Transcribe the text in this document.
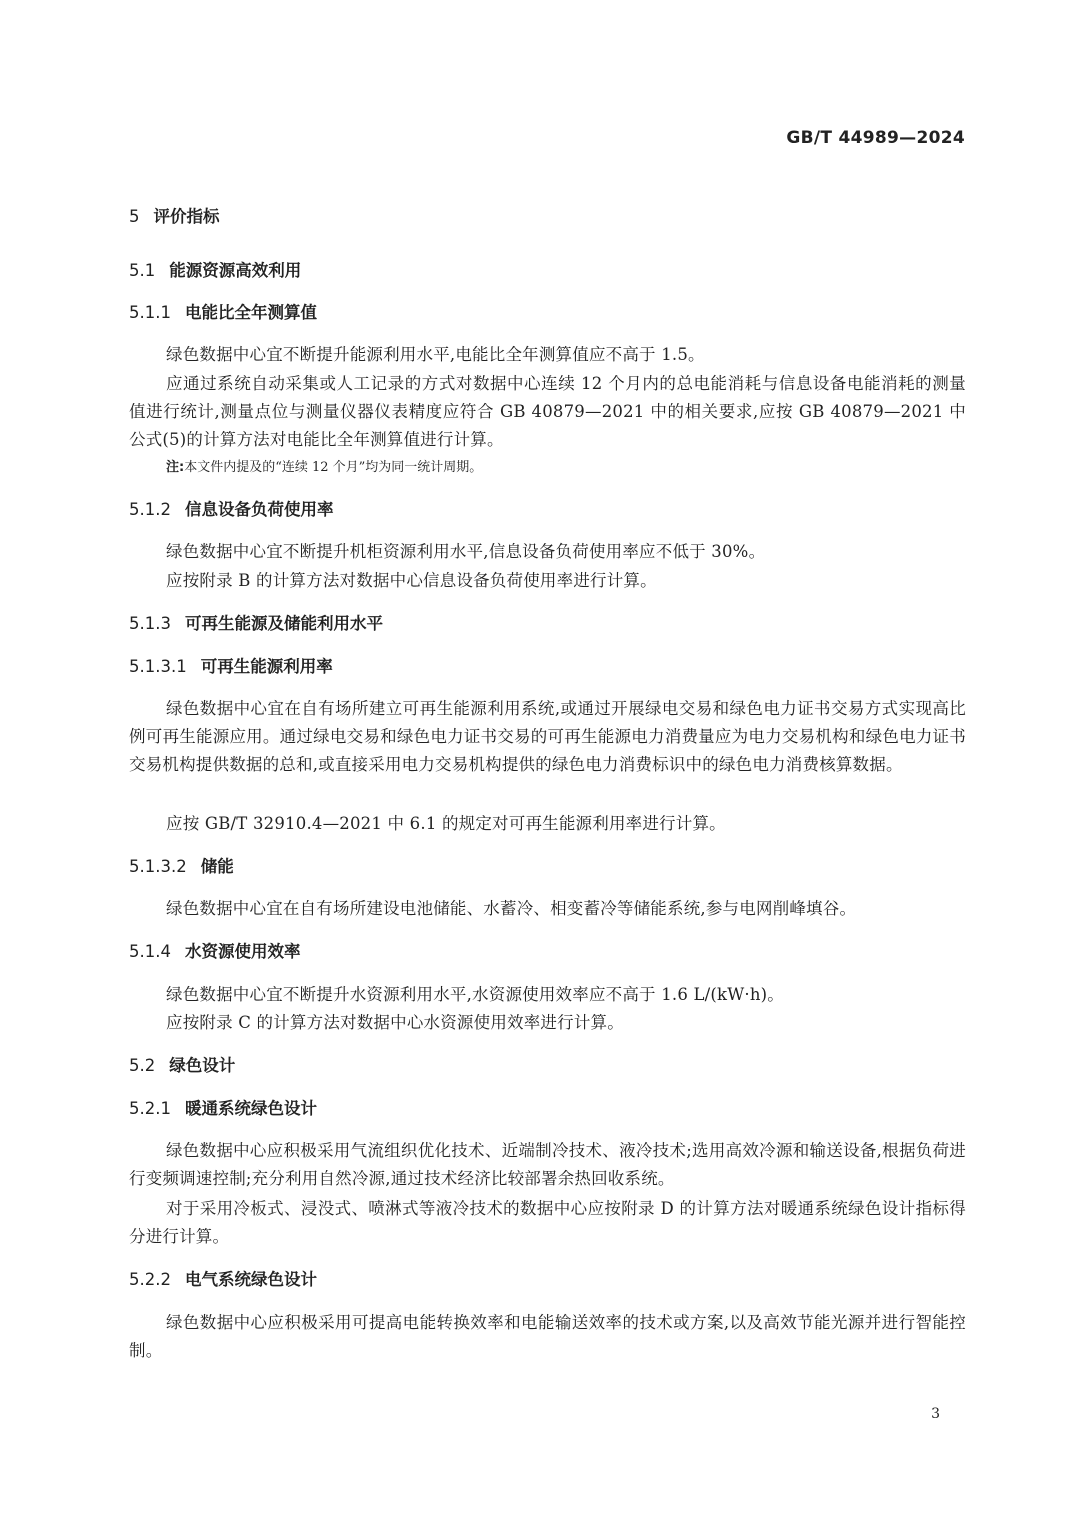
GB/T 44989—2024
5 评价指标
5.1 能源资源高效利用
5.1.1 电能比全年测算值
绿色数据中心宜不断提升能源利用水平,电能比全年测算值应不高于 1.5。
应通过系统自动采集或人工记录的方式对数据中心连续 12 个月内的总电能消耗与信息设备电能消耗的测量值进行统计,测量点位与测量仪器仪表精度应符合 GB 40879—2021 中的相关要求,应按 GB 40879—2021 中公式(5)的计算方法对电能比全年测算值进行计算。
注:本文件内提及的“连续 12 个月”均为同一统计周期。
5.1.2 信息设备负荷使用率
绿色数据中心宜不断提升机柜资源利用水平,信息设备负荷使用率应不低于 30%。
应按附录 B 的计算方法对数据中心信息设备负荷使用率进行计算。
5.1.3 可再生能源及储能利用水平
5.1.3.1 可再生能源利用率
绿色数据中心宜在自有场所建立可再生能源利用系统,或通过开展绿电交易和绿色电力证书交易方式实现高比例可再生能源应用。通过绿电交易和绿色电力证书交易的可再生能源电力消费量应为电力交易机构和绿色电力证书交易机构提供数据的总和,或直接采用电力交易机构提供的绿色电力消费标识中的绿色电力消费核算数据。
应按 GB/T 32910.4—2021 中 6.1 的规定对可再生能源利用率进行计算。
5.1.3.2 储能
绿色数据中心宜在自有场所建设电池储能、水蓄冷、相变蓄冷等储能系统,参与电网削峰填谷。
5.1.4 水资源使用效率
绿色数据中心宜不断提升水资源利用水平,水资源使用效率应不高于 1.6 L/(kW·h)。
应按附录 C 的计算方法对数据中心水资源使用效率进行计算。
5.2 绿色设计
5.2.1 暖通系统绿色设计
绿色数据中心应积极采用气流组织优化技术、近端制冷技术、液冷技术;选用高效冷源和输送设备,根据负荷进行变频调速控制;充分利用自然冷源,通过技术经济比较部署余热回收系统。
对于采用冷板式、浸没式、喷淋式等液冷技术的数据中心应按附录 D 的计算方法对暖通系统绿色设计指标得分进行计算。
5.2.2 电气系统绿色设计
绿色数据中心应积极采用可提高电能转换效率和电能输送效率的技术或方案,以及高效节能光源并进行智能控制。
3
